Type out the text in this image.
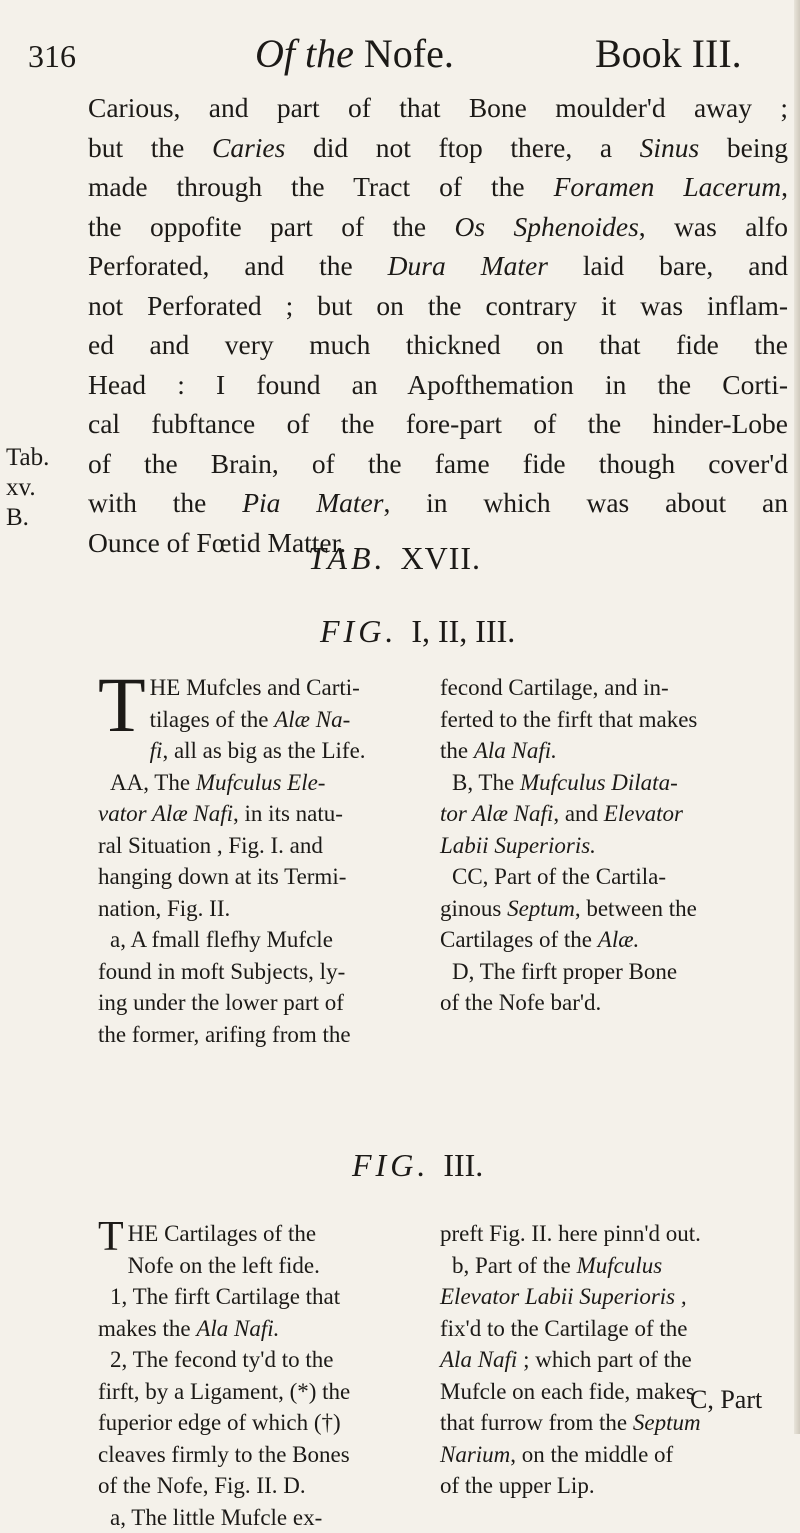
316	Of the Nofe.	Book III.
Tab. xv.
B.
Carious, and part of that Bone moulder'd away ;
but the Caries did not ftop there, a Sinus being
made through the Tract of the Foramen Lacerum,
the oppofite part of the Os Sphenoides, was alfo
Perforated, and the Dura Mater laid bare, and
not Perforated ; but on the contrary it was inflam-
ed and very much thickned on that fide the
Head : I found an Apofthemation in the Corti-
cal fubftance of the fore-part of the hinder-Lobe
of the Brain, of the fame fide though cover'd
with the Pia Mater, in which was about an
Ounce of Fœtid Matter.
TAB. XVII.
FIG. I, II, III.
T HE Mufcles and Carti-
tilages of the Alæ Na-
fi, all as big as the Life.
AA, The Mufculus Ele-
vator Alæ Nafi, in its natu-
ral Situation , Fig. I. and
hanging down at its Termi-
nation, Fig. II.
a, A fmall flefhy Mufcle
found in moft Subjects, ly-
ing under the lower part of
the former, arifing from the
fecond Cartilage, and in-
ferted to the firft that makes
the Ala Nafi.
B, The Mufculus Dilata-
tor Alæ Nafi, and Elevator
Labii Superioris.
CC, Part of the Cartila-
ginous Septum, between the
Cartilages of the Alæ.
D, The firft proper Bone
of the Nofe bar'd.
FIG. III.
T HE Cartilages of the
Nofe on the left fide.
1, The firft Cartilage that
makes the Ala Nafi.
2, The fecond ty'd to the
firft, by a Ligament, (*) the
fuperior edge of which (†)
cleaves firmly to the Bones
of the Nofe, Fig. II. D.
a, The little Mufcle ex-
preft Fig. II. here pinn'd out.
b, Part of the Mufculus
Elevator Labii Superioris ,
fix'd to the Cartilage of the
Ala Nafi ; which part of the
Mufcle on each fide, makes
that furrow from the Septum
Narium, on the middle of
of the upper Lip.
C, Part
